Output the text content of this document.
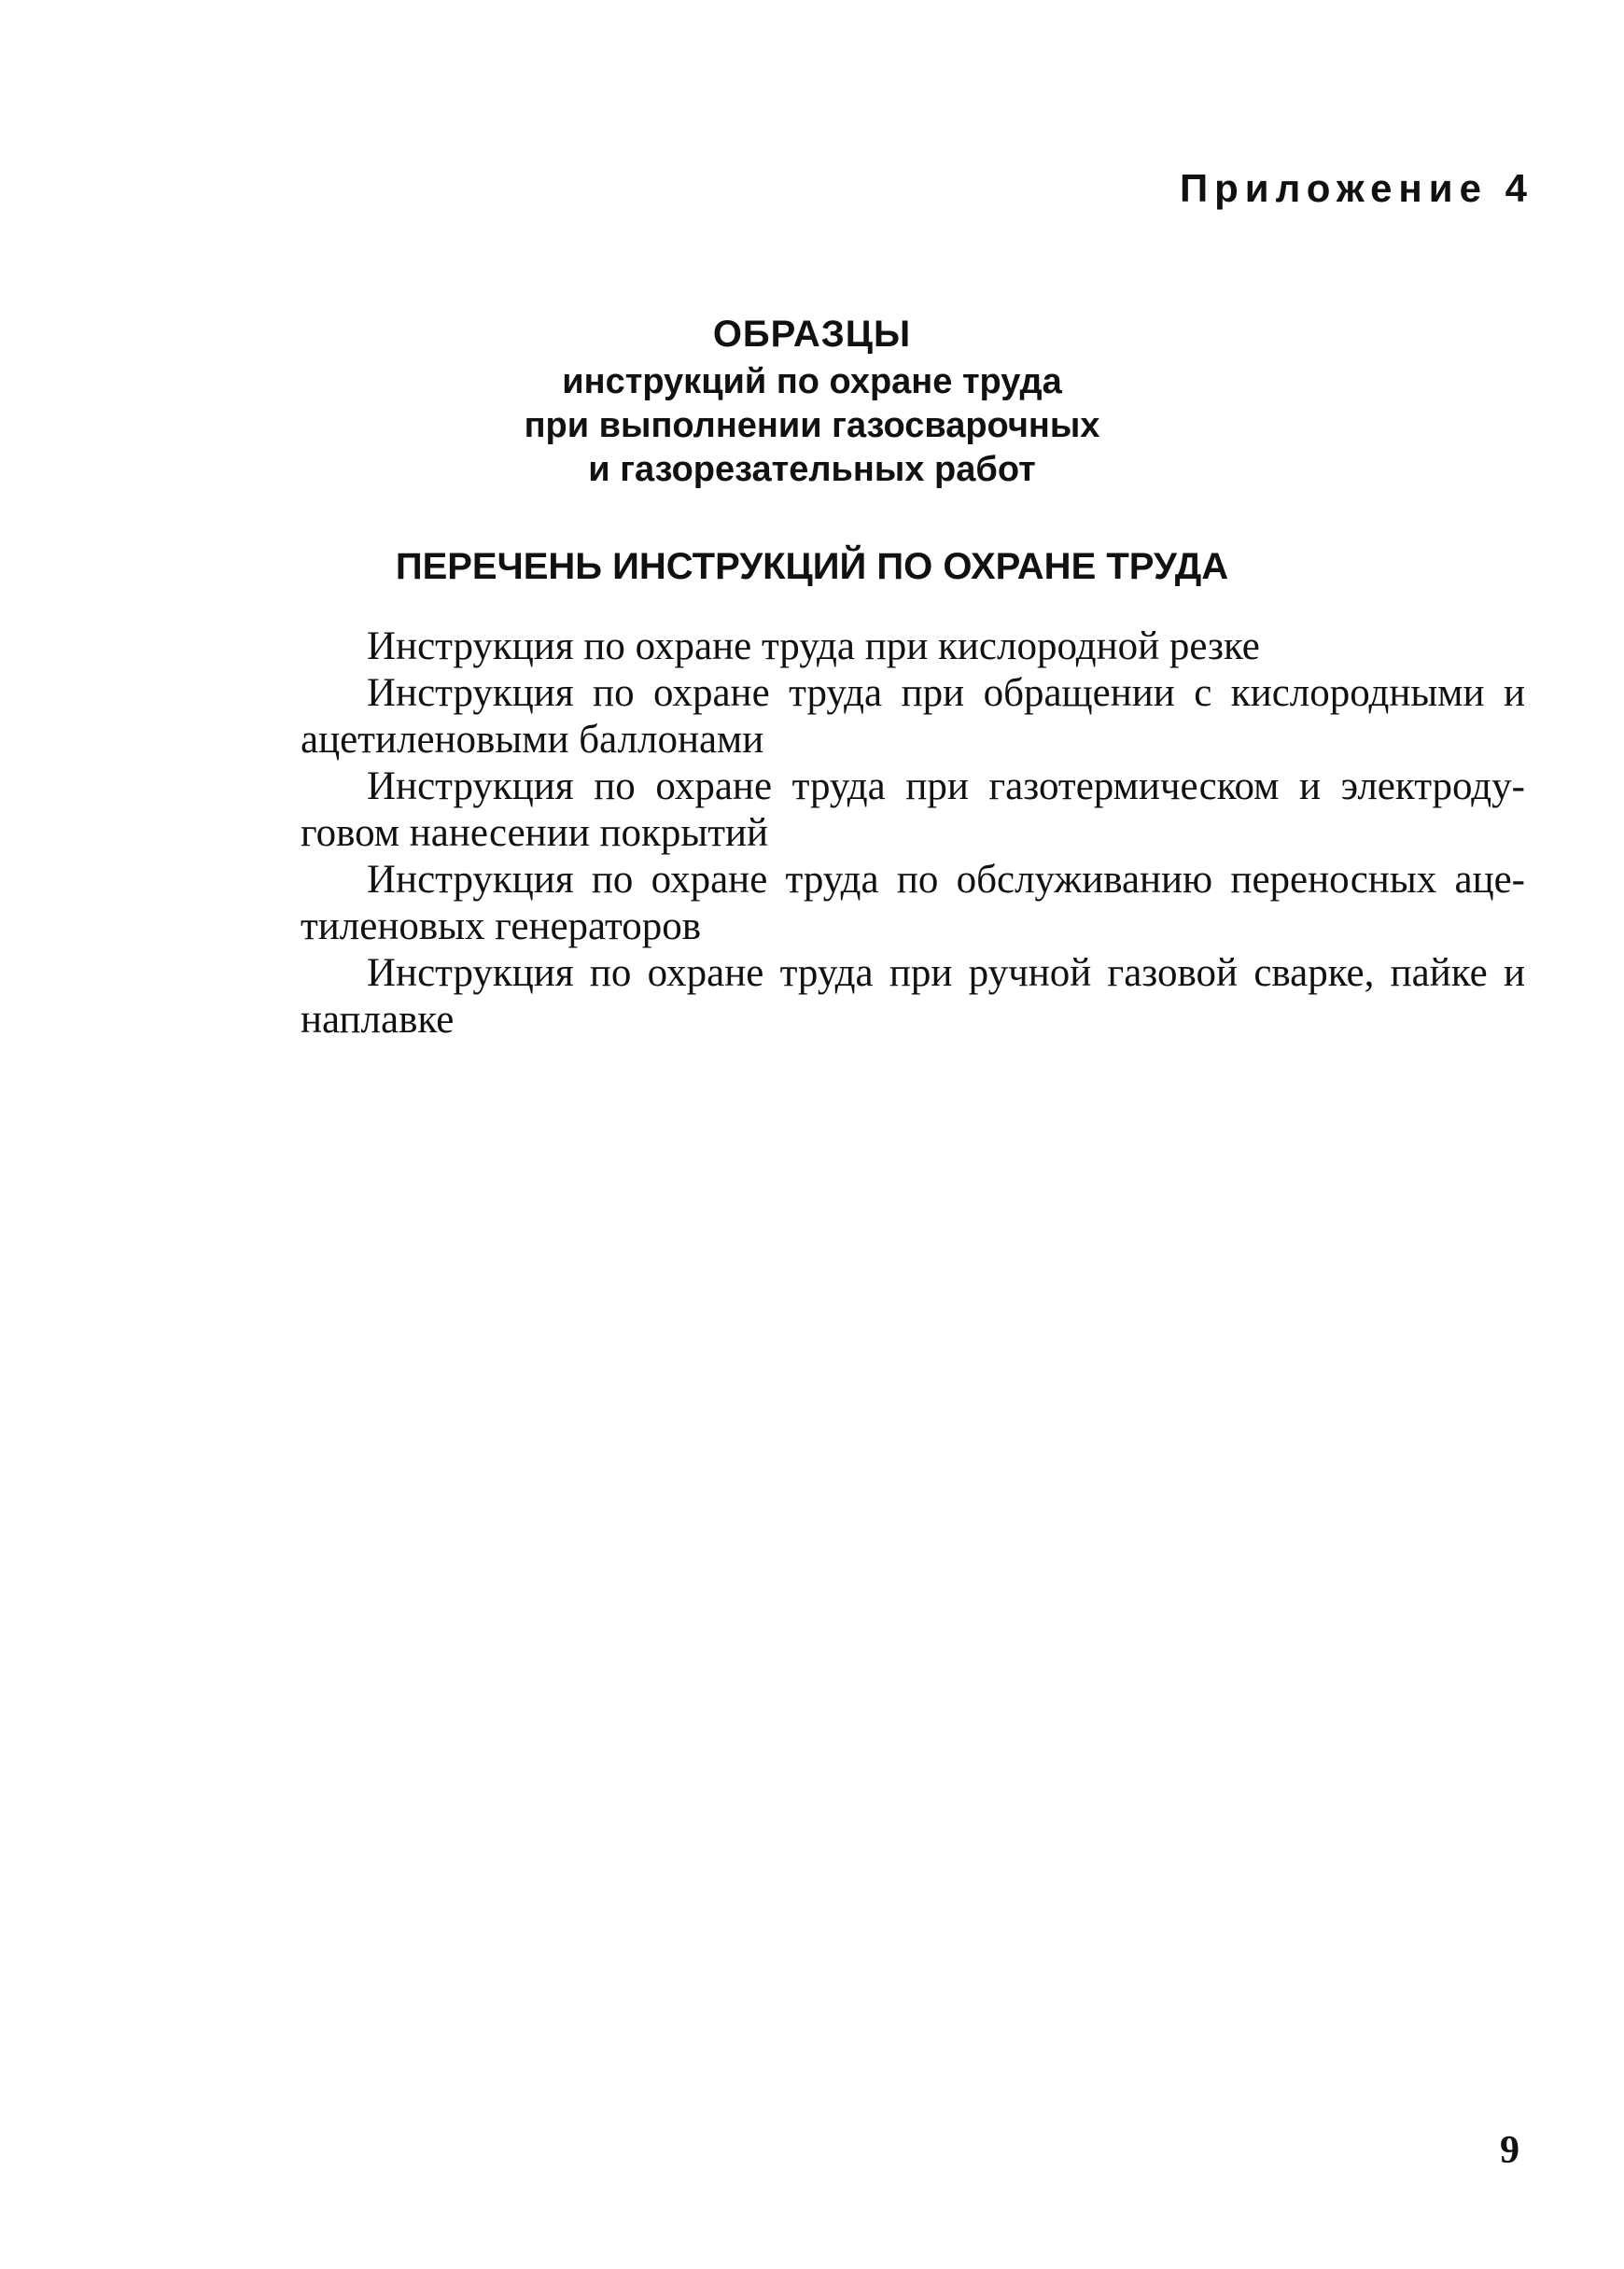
Приложение 4
ОБРАЗЦЫ
инструкций по охране труда
при выполнении газосварочных
и газорезательных работ
ПЕРЕЧЕНЬ ИНСТРУКЦИЙ ПО ОХРАНЕ ТРУДА
Инструкция по охране труда при кислородной резке
Инструкция по охране труда при обращении с кислородными и ацетиленовыми баллонами
Инструкция по охране труда при газотермическом и электродуговом нанесении покрытий
Инструкция по охране труда по обслуживанию переносных ацетиленовых генераторов
Инструкция по охране труда при ручной газовой сварке, пайке и наплавке
9
